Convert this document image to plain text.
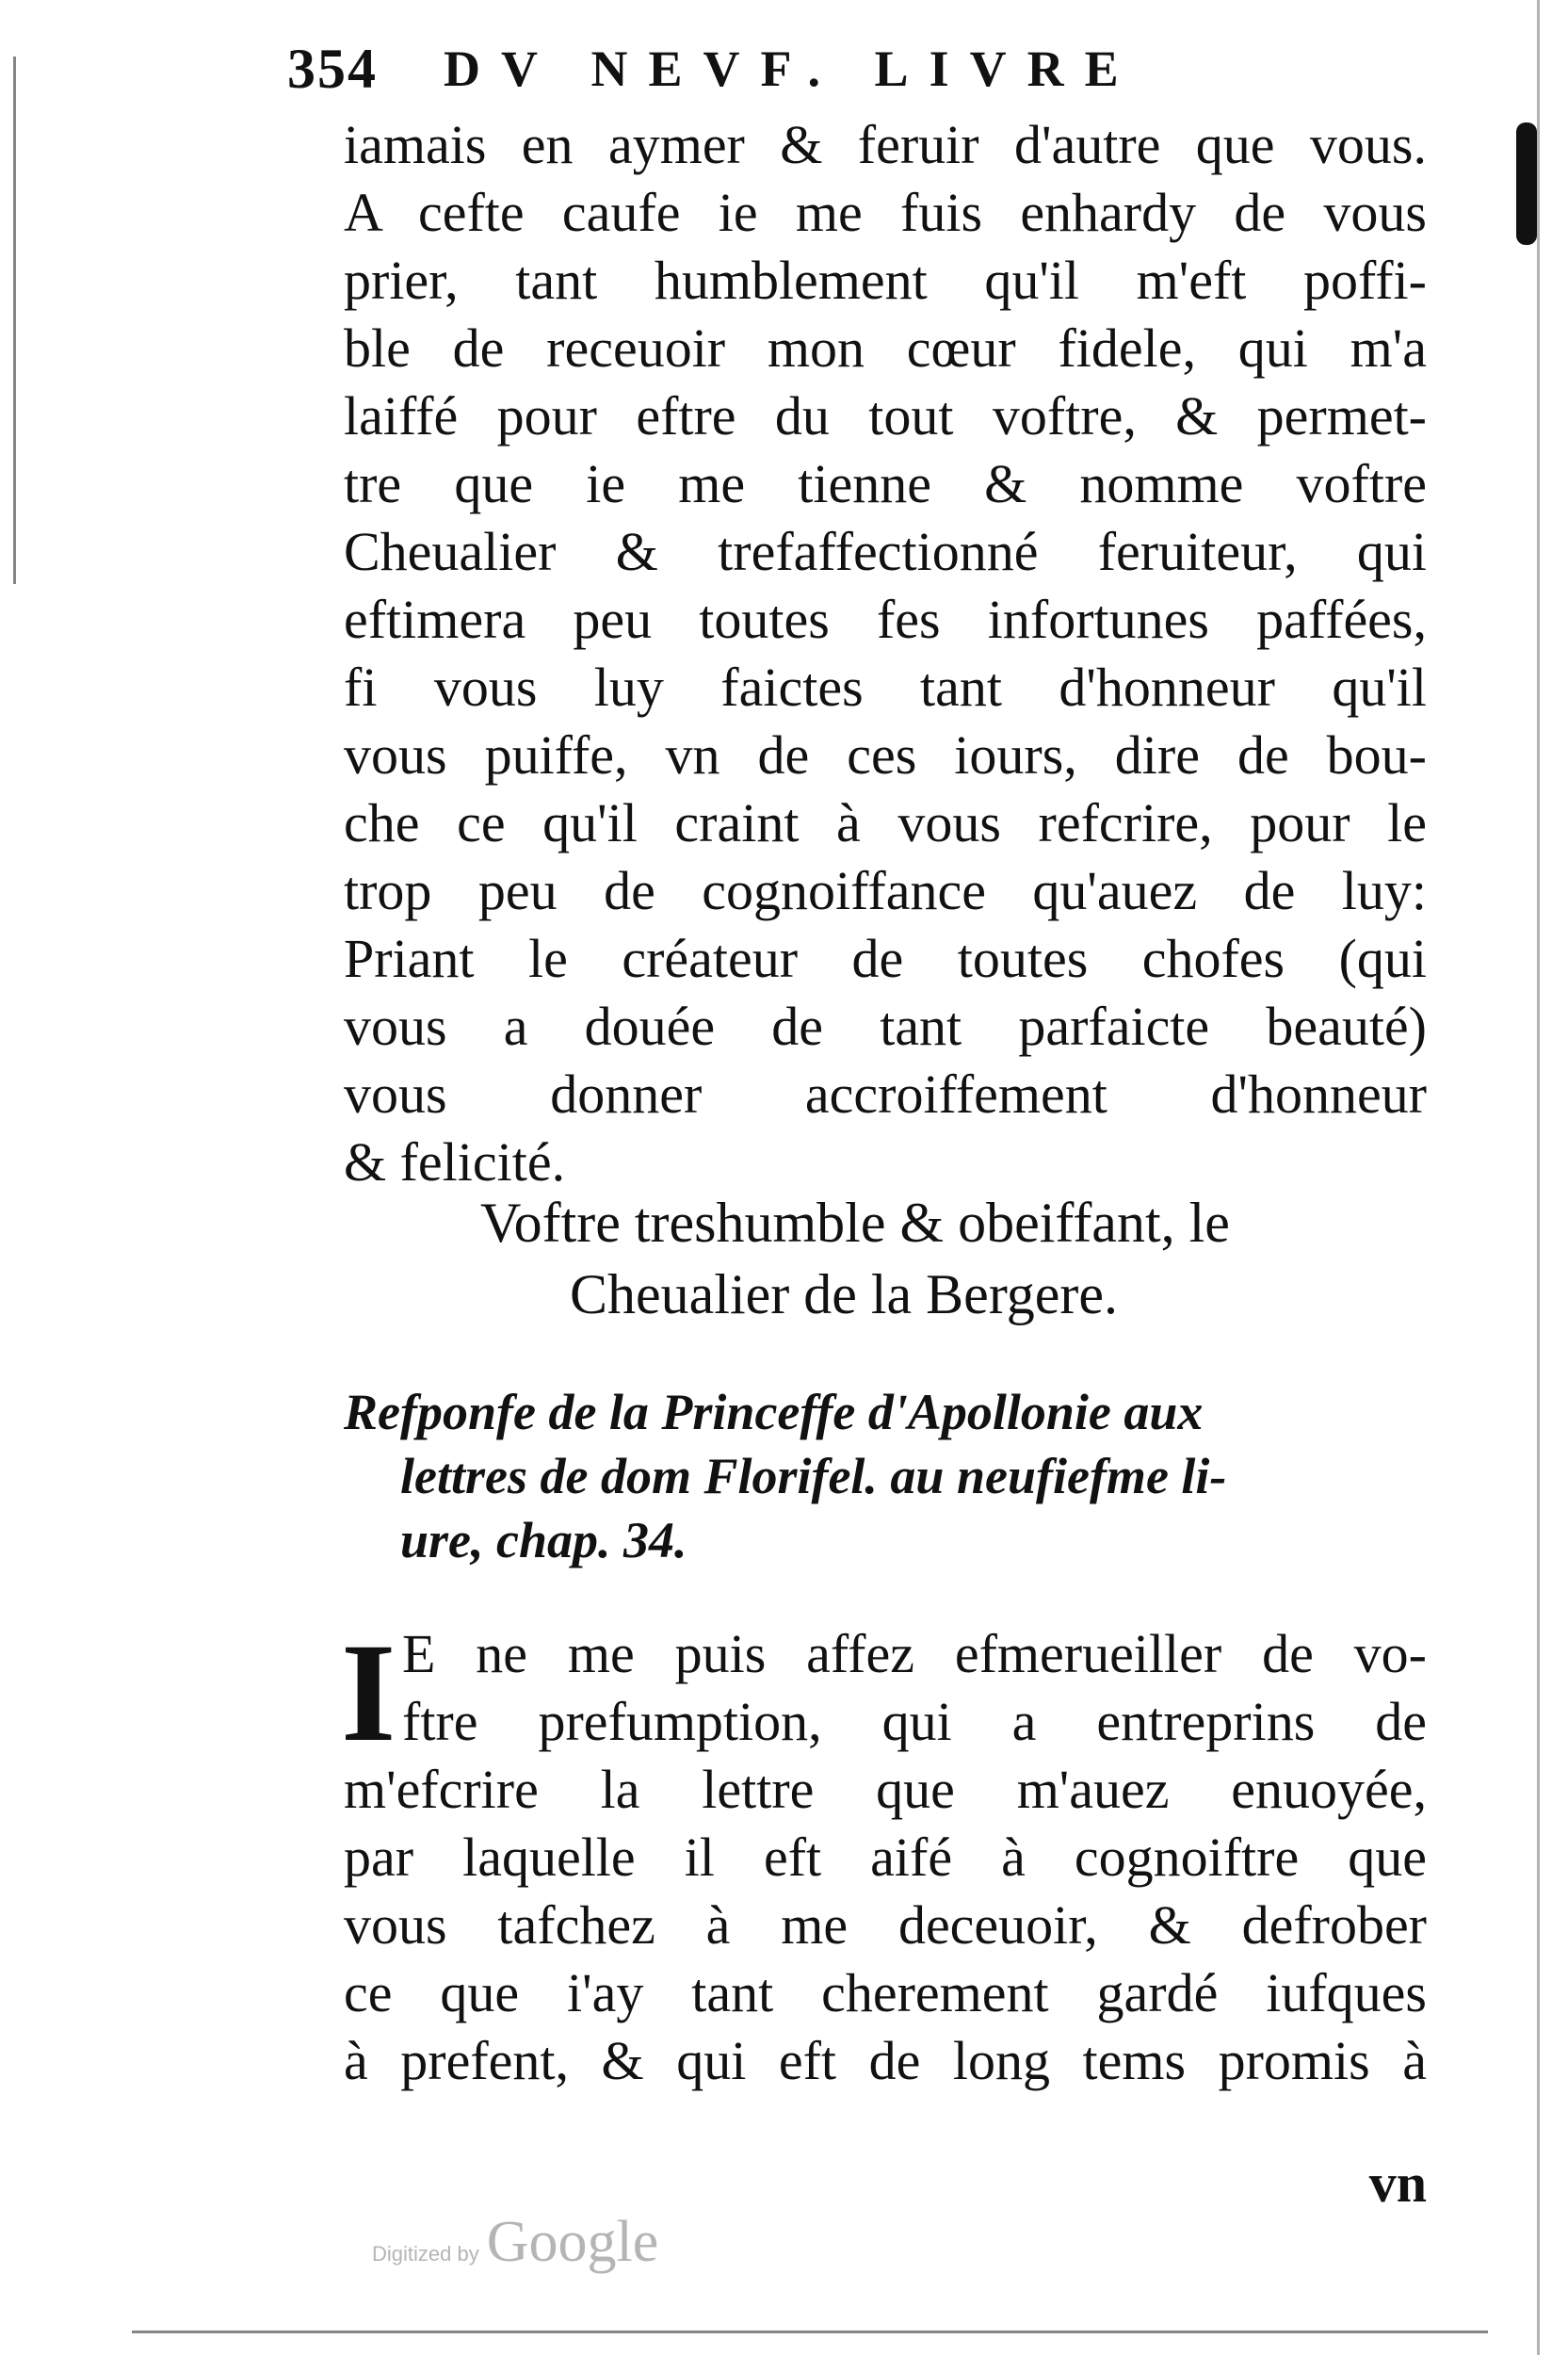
354 DV NEVF. LIVRE
iamais en aymer & feruir d'autre que vous.
A cefte caufe ie me fuis enhardy de vous
prier, tant humblement qu'il m'eft poffi-
ble de receuoir mon cœur fidele, qui m'a
laiffé pour eftre du tout voftre, & permet-
tre que ie me tienne & nomme voftre
Cheualier & trefaffectionné feruiteur, qui
eftimera peu toutes fes infortunes paffées,
fi vous luy faictes tant d'honneur qu'il
vous puiffe, vn de ces iours, dire de bou-
che ce qu'il craint à vous refcrire, pour le
trop peu de cognoiffance qu'auez de luy:
Priant le créateur de toutes chofes (qui
vous a douée de tant parfaicte beauté)
vous donner accroiffement d'honneur
& felicité.
Voftre treshumble & obeiffant, le
Cheualier de la Bergere.
Refponfe de la Princeffe d'Apollonie aux
lettres de dom Florifel. au neufiefme li-
ure, chap. 34.
I E ne me puis affez efmerueiller de vo-
ftre prefumption, qui a entreprins de
m'efcrire la lettre que m'auez enuoyée,
par laquelle il eft aifé à cognoiftre que
vous tafchez à me deceuoir, & defrober
ce que i'ay tant cherement gardé iufques
à prefent, & qui eft de long tems promis à
vn
Digitized by Google
